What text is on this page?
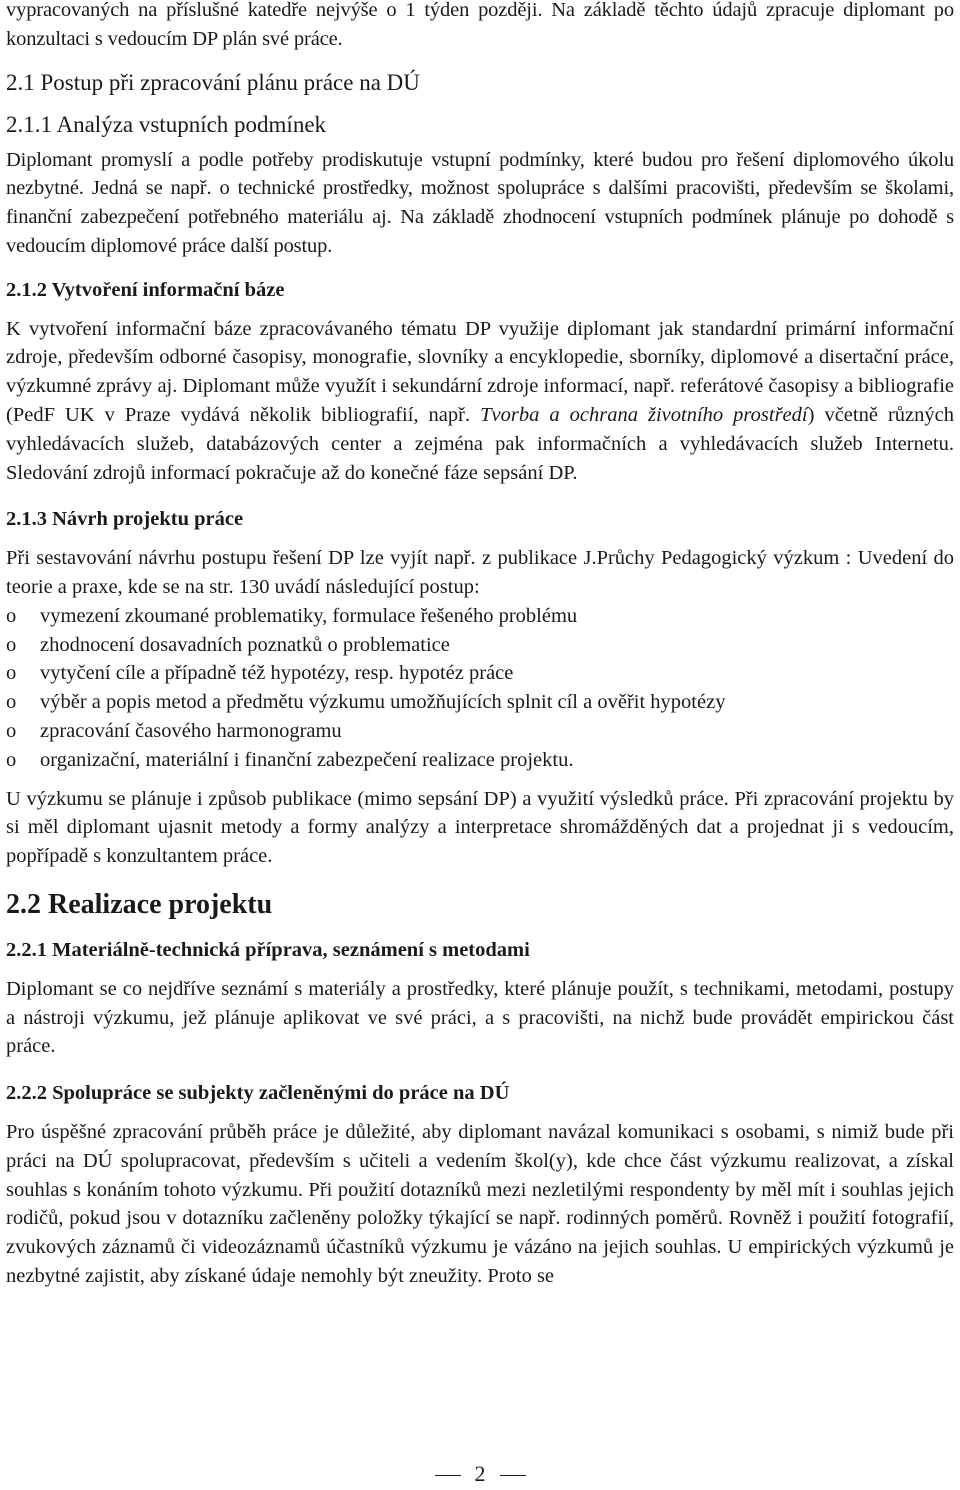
vypracovaných na příslušné katedře nejvýše o 1 týden později. Na základě těchto údajů zpracuje diplomant po konzultaci s vedoucím DP plán své práce.

2.1 Postup při zpracování plánu práce na DÚ
2.1.1 Analýza vstupních podmínek

Diplomant promyslí a podle potřeby prodiskutuje vstupní podmínky, které budou pro řešení diplomového úkolu nezbytné. Jedná se např. o technické prostředky, možnost spolupráce s dalšími pracovišti, především se školami, finanční zabezpečení potřebného materiálu aj. Na základě zhodnocení vstupních podmínek plánuje po dohodě s vedoucím diplomové práce další postup.

2.1.2 Vytvoření informační báze

K vytvoření informační báze zpracovávaného tématu DP využije diplomant jak standardní primární informační zdroje, především odborné časopisy, monografie, slovníky a encyklopedie, sborníky, diplomové a disertační práce, výzkumné zprávy aj. Diplomant může využít i sekundární zdroje informací, např. referátové časopisy a bibliografie (PedF UK v Praze vydává několik bibliografií, např. Tvorba a ochrana životního prostředí) včetně různých vyhledávacích služeb, databázových center a zejména pak informačních a vyhledávacích služeb Internetu. Sledování zdrojů informací pokračuje až do konečné fáze sepsání DP.

2.1.3 Návrh projektu práce

Při sestavování návrhu postupu řešení DP lze vyjít např. z publikace J.Průchy Pedagogický výzkum : Uvedení do teorie a praxe, kde se na str. 130 uvádí následující postup:

o vymezení zkoumané problematiky, formulace řešeného problému
o zhodnocení dosavadních poznatků o problematice
o vytyčení cíle a případně též hypotézy, resp. hypotéz práce
o výběr a popis metod a předmětu výzkumu umožňujících splnit cíl a ověřit hypotézy
o zpracování časového harmonogramu
o organizační, materiální i finanční zabezpečení realizace projektu.

U výzkumu se plánuje i způsob publikace (mimo sepsání DP) a využití výsledků práce. Při zpracování projektu by si měl diplomant ujasnit metody a formy analýzy a interpretace shromážděných dat a projednat ji s vedoucím, popřípadě s konzultantem práce.

2.2 Realizace projektu
2.2.1 Materiálně-technická příprava, seznámení s metodami

Diplomant se co nejdříve seznámí s materiály a prostředky, které plánuje použít, s technikami, metodami, postupy a nástroji výzkumu, jež plánuje aplikovat ve své práci, a s pracovišti, na nichž bude provádět empirickou část práce.

2.2.2 Spolupráce se subjekty začleněnými do práce na DÚ

Pro úspěšné zpracování průběh práce je důležité, aby diplomant navázal komunikaci s osobami, s nimiž bude při práci na DÚ spolupracovat, především s učiteli a vedením škol(y), kde chce část výzkumu realizovat, a získal souhlas s konáním tohoto výzkumu. Při použití dotazníků mezi nezletilými respondenty by měl mít i souhlas jejich rodičů, pokud jsou v dotazníku začleněny položky týkající se např. rodinných poměrů. Rovněž i použití fotografií, zvukových záznamů či videozáznamů účastníků výzkumu je vázáno na jejich souhlas. U empirických výzkumů je nezbytné zajistit, aby získané údaje nemohly být zneužity. Proto se

2
